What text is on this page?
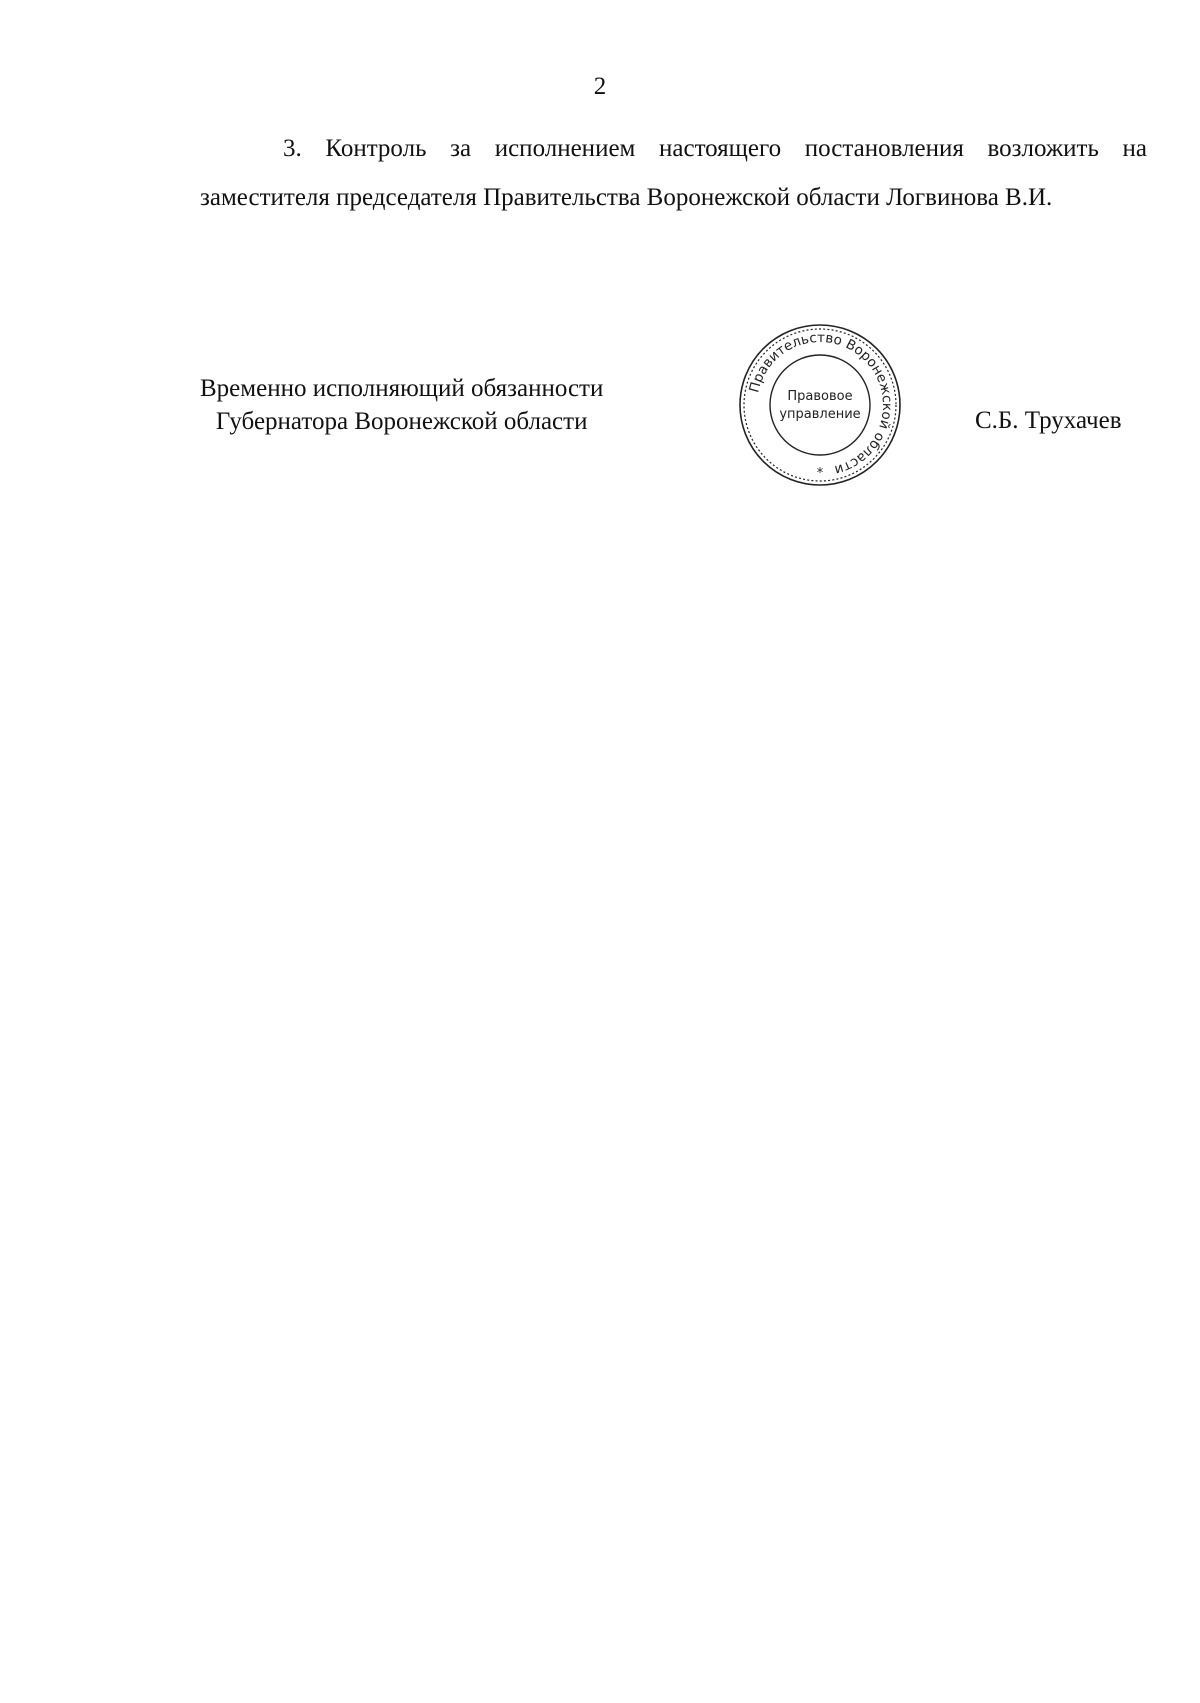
2
3. Контроль за исполнением настоящего постановления возложить на заместителя председателя Правительства Воронежской области Логвинова В.И.
Временно исполняющий обязанности
Губернатора Воронежской области
Правительство Воронежской области
Правовое
управление
*
С.Б. Трухачев
